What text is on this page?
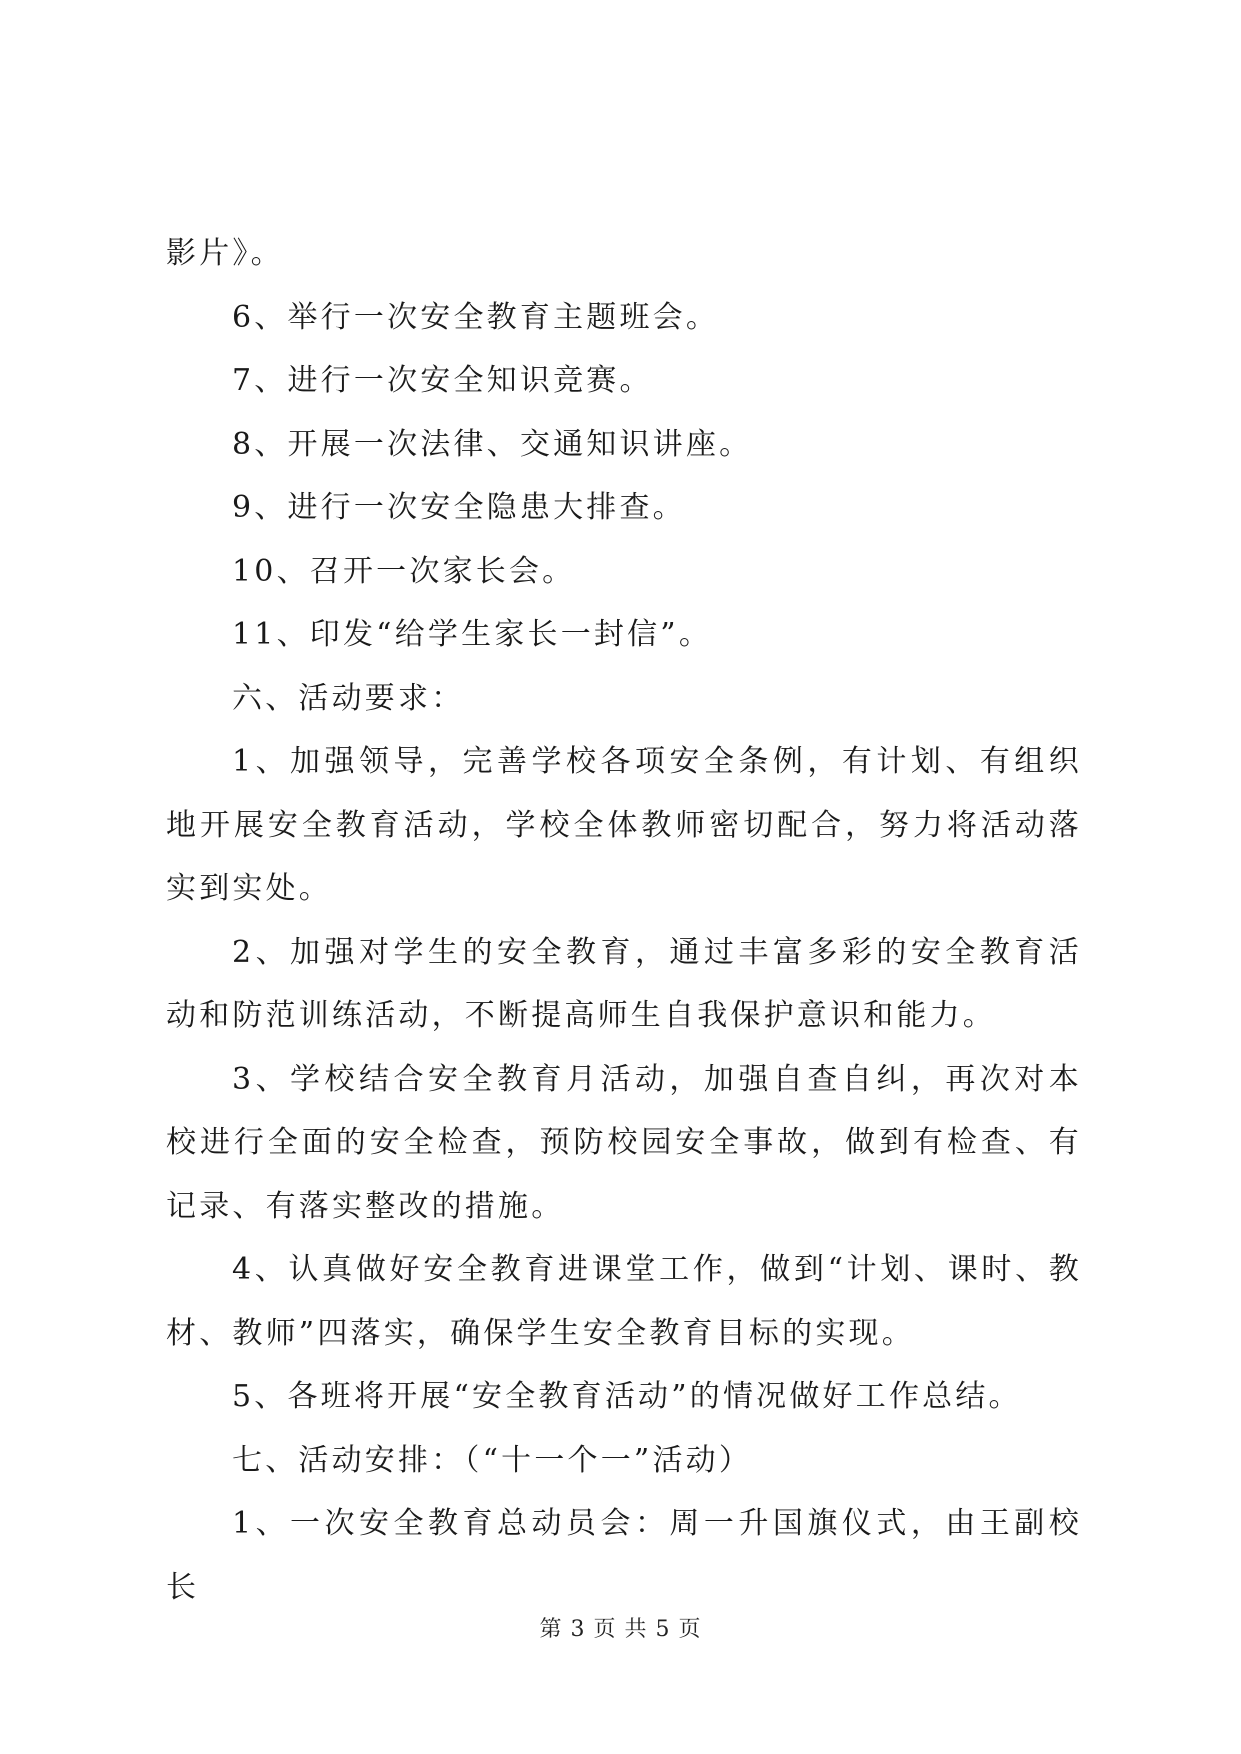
影片》。

6、举行一次安全教育主题班会。

7、进行一次安全知识竞赛。

8、开展一次法律、交通知识讲座。

9、进行一次安全隐患大排查。

10、召开一次家长会。

11、印发“给学生家长一封信”。

六、活动要求：

1、加强领导，完善学校各项安全条例，有计划、有组织地开展安全教育活动，学校全体教师密切配合，努力将活动落实到实处。

2、加强对学生的安全教育，通过丰富多彩的安全教育活动和防范训练活动，不断提高师生自我保护意识和能力。

3、学校结合安全教育月活动，加强自查自纠，再次对本校进行全面的安全检查，预防校园安全事故，做到有检查、有记录、有落实整改的措施。

4、认真做好安全教育进课堂工作，做到“计划、课时、教材、教师”四落实，确保学生安全教育目标的实现。

5、各班将开展“安全教育活动”的情况做好工作总结。

七、活动安排：（“十一个一”活动）

1、一次安全教育总动员会：周一升国旗仪式，由王副校长

第 3 页 共 5 页
